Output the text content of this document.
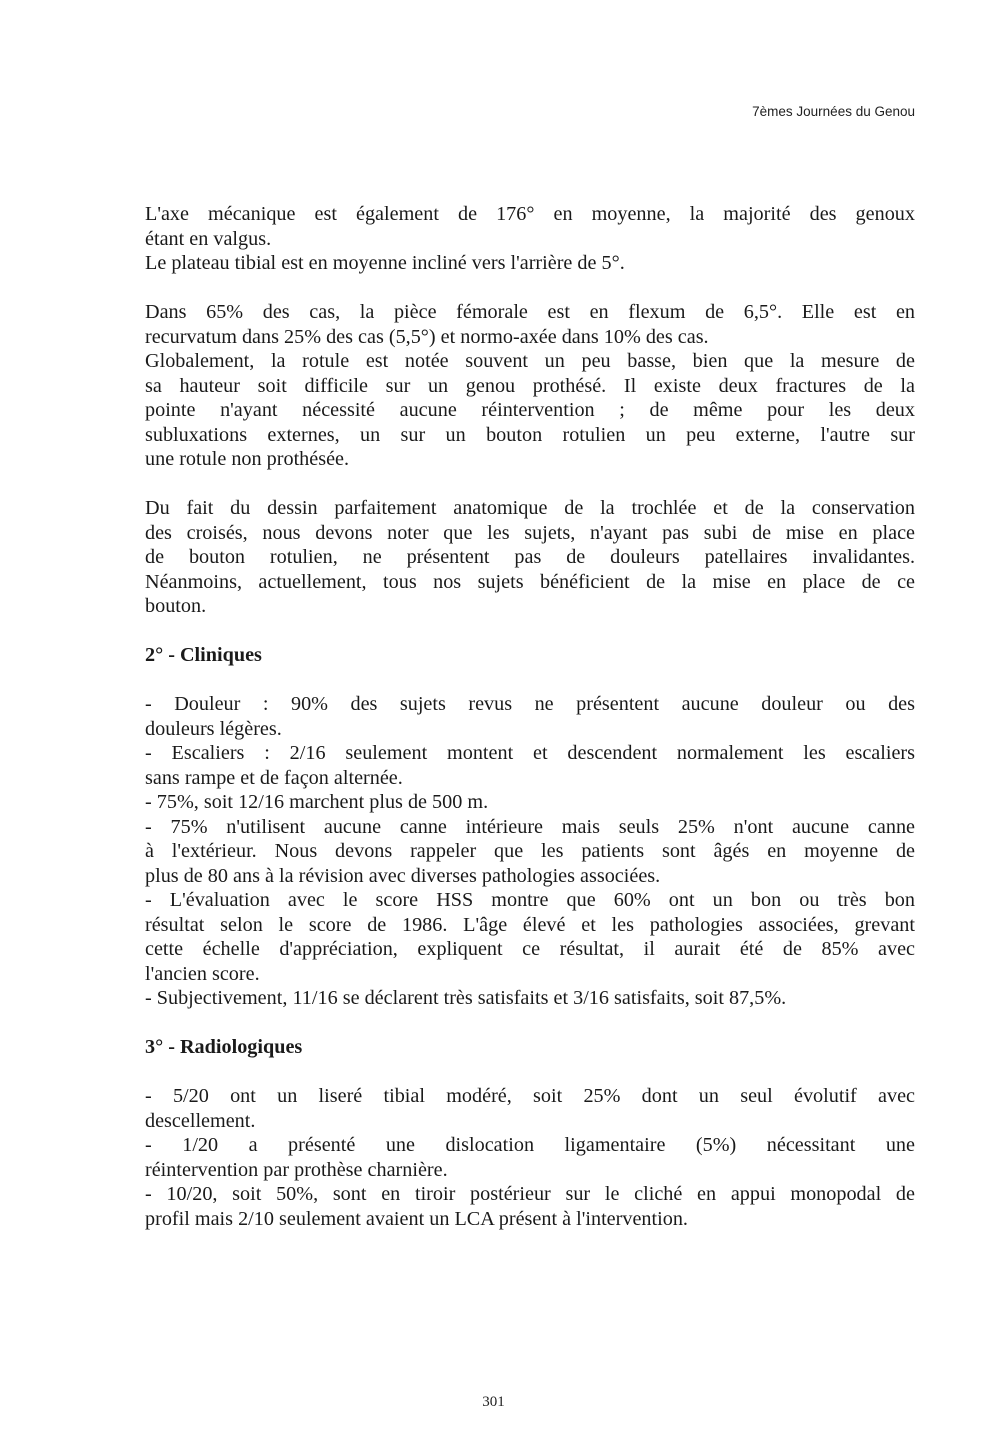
7èmes Journées du Genou

L'axe mécanique est également de 176° en moyenne, la majorité des genoux
étant en valgus.
Le plateau tibial est en moyenne incliné vers l'arrière de 5°.

Dans 65% des cas, la pièce fémorale est en flexum de 6,5°. Elle est en
recurvatum dans 25% des cas (5,5°) et normo-axée dans 10% des cas.
Globalement, la rotule est notée souvent un peu basse, bien que la mesure de
sa hauteur soit difficile sur un genou prothésé. Il existe deux fractures de la
pointe n'ayant nécessité aucune réintervention ; de même pour les deux
subluxations externes, un sur un bouton rotulien un peu externe, l'autre sur
une rotule non prothésée.

Du fait du dessin parfaitement anatomique de la trochlée et de la conservation
des croisés, nous devons noter que les sujets, n'ayant pas subi de mise en place
de bouton rotulien, ne présentent pas de douleurs patellaires invalidantes.
Néanmoins, actuellement, tous nos sujets bénéficient de la mise en place de ce
bouton.

2° - Cliniques

- Douleur : 90% des sujets revus ne présentent aucune douleur ou des
douleurs légères.
- Escaliers : 2/16 seulement montent et descendent normalement les escaliers
sans rampe et de façon alternée.
- 75%, soit 12/16 marchent plus de 500 m.
- 75% n'utilisent aucune canne intérieure mais seuls 25% n'ont aucune canne
à l'extérieur. Nous devons rappeler que les patients sont âgés en moyenne de
plus de 80 ans à la révision avec diverses pathologies associées.
- L'évaluation avec le score HSS montre que 60% ont un bon ou très bon
résultat selon le score de 1986. L'âge élevé et les pathologies associées, grevant
cette échelle d'appréciation, expliquent ce résultat, il aurait été de 85% avec
l'ancien score.
- Subjectivement, 11/16 se déclarent très satisfaits et 3/16 satisfaits, soit 87,5%.

3° - Radiologiques

- 5/20 ont un liseré tibial modéré, soit 25% dont un seul évolutif avec
descellement.
- 1/20 a présenté une dislocation ligamentaire (5%) nécessitant une
réintervention par prothèse charnière.
- 10/20, soit 50%, sont en tiroir postérieur sur le cliché en appui monopodal de
profil mais 2/10 seulement avaient un LCA présent à l'intervention.

301
